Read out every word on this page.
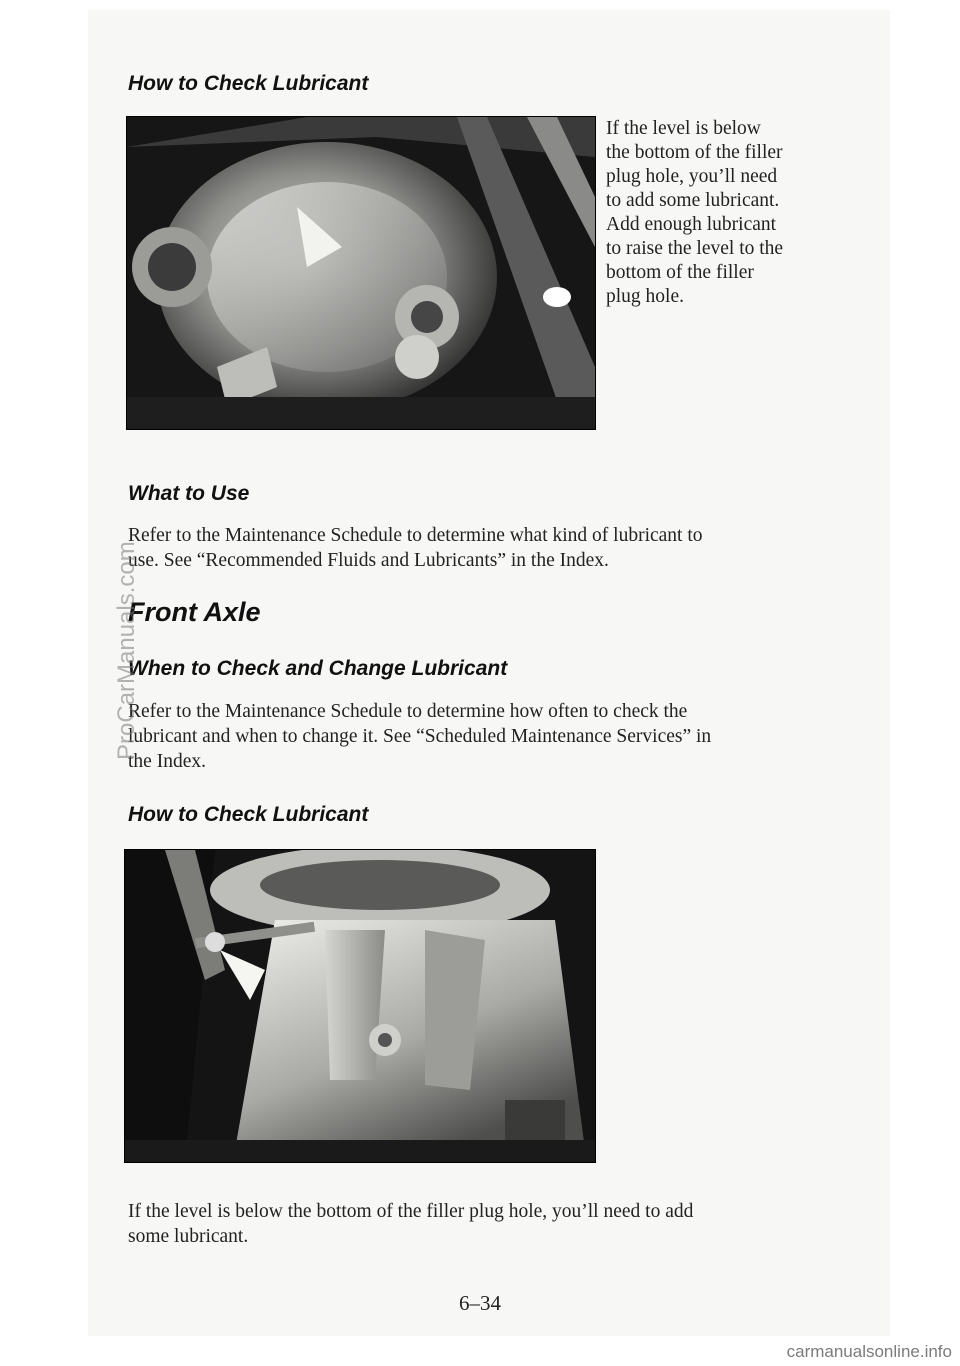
How to Check Lubricant

If the level is below

the bottom of the filler

plug hole, you’ll need

to add some lubricant.

Add enough lubricant

to raise the level to the

bottom of the filler

plug hole.

What to Use

Refer to the Maintenance Schedule to determine what kind of lubricant to

use. See “Recommended Fluids and Lubricants” in the Index.

Front Axle
When to Check and Change Lubricant

Refer to the Maintenance Schedule to determine how often to check the

lubricant and when to change it. See “Scheduled Maintenance Services” in

the Index.

How to Check Lubricant

If the level is below the bottom of the filler plug hole, you’ll need to add

some lubricant.

6–34

ProCarManuals.com

carmanualsonline.info
